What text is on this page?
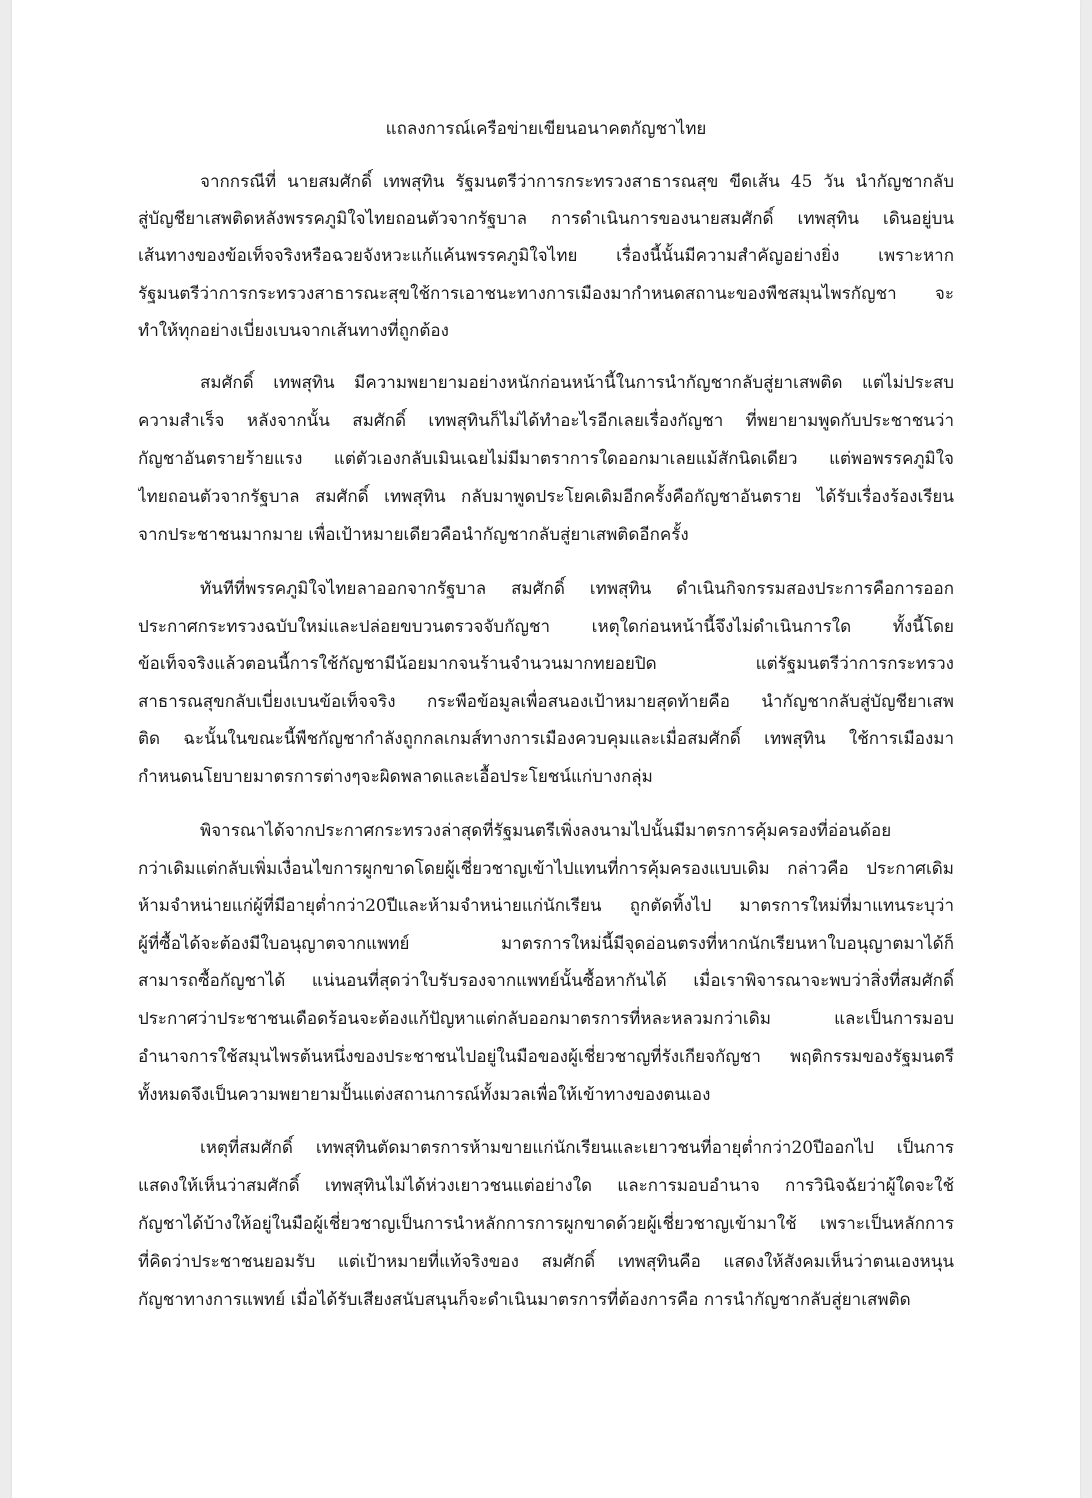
แถลงการณ์เครือข่ายเขียนอนาคตกัญชาไทย
จากกรณีที่ นายสมศักดิ์ เทพสุทิน รัฐมนตรีว่าการกระทรวงสาธารณสุข ขีดเส้น 45 วัน นำกัญชากลับ
สู่บัญชียาเสพติดหลังพรรคภูมิใจไทยถอนตัวจากรัฐบาล การดำเนินการของนายสมศักดิ์ เทพสุทิน เดินอยู่บน
เส้นทางของข้อเท็จจริงหรือฉวยจังหวะแก้แค้นพรรคภูมิใจไทย เรื่องนี้นั้นมีความสำคัญอย่างยิ่ง เพราะหาก
รัฐมนตรีว่าการกระทรวงสาธารณะสุขใช้การเอาชนะทางการเมืองมากำหนดสถานะของพืชสมุนไพรกัญชา จะ
ทำให้ทุกอย่างเบี่ยงเบนจากเส้นทางที่ถูกต้อง
สมศักดิ์ เทพสุทิน มีความพยายามอย่างหนักก่อนหน้านี้ในการนำกัญชากลับสู่ยาเสพติด แต่ไม่ประสบ
ความสำเร็จ หลังจากนั้น สมศักดิ์ เทพสุทินก็ไม่ได้ทำอะไรอีกเลยเรื่องกัญชา ที่พยายามพูดกับประชาชนว่า
กัญชาอันตรายร้ายแรง แต่ตัวเองกลับเมินเฉยไม่มีมาตราการใดออกมาเลยแม้สักนิดเดียว แต่พอพรรคภูมิใจ
ไทยถอนตัวจากรัฐบาล สมศักดิ์ เทพสุทิน กลับมาพูดประโยคเดิมอีกครั้งคือกัญชาอันตราย ได้รับเรื่องร้องเรียน
จากประชาชนมากมาย เพื่อเป้าหมายเดียวคือนำกัญชากลับสู่ยาเสพติดอีกครั้ง
ทันทีที่พรรคภูมิใจไทยลาออกจากรัฐบาล สมศักดิ์ เทพสุทิน ดำเนินกิจกรรมสองประการคือการออก
ประกาศกระทรวงฉบับใหม่และปล่อยขบวนตรวจจับกัญชา เหตุใดก่อนหน้านี้จึงไม่ดำเนินการใด ทั้งนี้โดย
ข้อเท็จจริงแล้วตอนนี้การใช้กัญชามีน้อยมากจนร้านจำนวนมากทยอยปิด แต่รัฐมนตรีว่าการกระทรวง
สาธารณสุขกลับเบี่ยงเบนข้อเท็จจริง กระพือข้อมูลเพื่อสนองเป้าหมายสุดท้ายคือ นำกัญชากลับสู่บัญชียาเสพ
ติด ฉะนั้นในขณะนี้พืชกัญชากำลังถูกกลเกมส์ทางการเมืองควบคุมและเมื่อสมศักดิ์ เทพสุทิน ใช้การเมืองมา
กำหนดนโยบายมาตรการต่างๆจะผิดพลาดและเอื้อประโยชน์แก่บางกลุ่ม
พิจารณาได้จากประกาศกระทรวงล่าสุดที่รัฐมนตรีเพิ่งลงนามไปนั้นมีมาตรการคุ้มครองที่อ่อนด้อย
กว่าเดิมแต่กลับเพิ่มเงื่อนไขการผูกขาดโดยผู้เชี่ยวชาญเข้าไปแทนที่การคุ้มครองแบบเดิม กล่าวคือ ประกาศเดิม
ห้ามจำหน่ายแก่ผู้ที่มีอายุต่ำกว่า20ปีและห้ามจำหน่ายแก่นักเรียน ถูกตัดทิ้งไป มาตรการใหม่ที่มาแทนระบุว่า
ผู้ที่ซื้อได้จะต้องมีใบอนุญาตจากแพทย์ มาตรการใหม่นี้มีจุดอ่อนตรงที่หากนักเรียนหาใบอนุญาตมาได้ก็
สามารถซื้อกัญชาได้ แน่นอนที่สุดว่าใบรับรองจากแพทย์นั้นซื้อหากันได้ เมื่อเราพิจารณาจะพบว่าสิ่งที่สมศักดิ์
ประกาศว่าประชาชนเดือดร้อนจะต้องแก้ปัญหาแต่กลับออกมาตรการที่หละหลวมกว่าเดิม และเป็นการมอบ
อำนาจการใช้สมุนไพรต้นหนึ่งของประชาชนไปอยู่ในมือของผู้เชี่ยวชาญที่รังเกียจกัญชา พฤติกรรมของรัฐมนตรี
ทั้งหมดจึงเป็นความพยายามปั้นแต่งสถานการณ์ทั้งมวลเพื่อให้เข้าทางของตนเอง
เหตุที่สมศักดิ์ เทพสุทินตัดมาตรการห้ามขายแก่นักเรียนและเยาวชนที่อายุต่ำกว่า20ปีออกไป เป็นการ
แสดงให้เห็นว่าสมศักดิ์ เทพสุทินไม่ได้ห่วงเยาวชนแต่อย่างใด และการมอบอำนาจ การวินิจฉัยว่าผู้ใดจะใช้
กัญชาได้บ้างให้อยู่ในมือผู้เชี่ยวชาญเป็นการนำหลักการการผูกขาดด้วยผู้เชี่ยวชาญเข้ามาใช้ เพราะเป็นหลักการ
ที่คิดว่าประชาชนยอมรับ แต่เป้าหมายที่แท้จริงของ สมศักดิ์ เทพสุทินคือ แสดงให้สังคมเห็นว่าตนเองหนุน
กัญชาทางการแพทย์ เมื่อได้รับเสียงสนับสนุนก็จะดำเนินมาตรการที่ต้องการคือ การนำกัญชากลับสู่ยาเสพติด
